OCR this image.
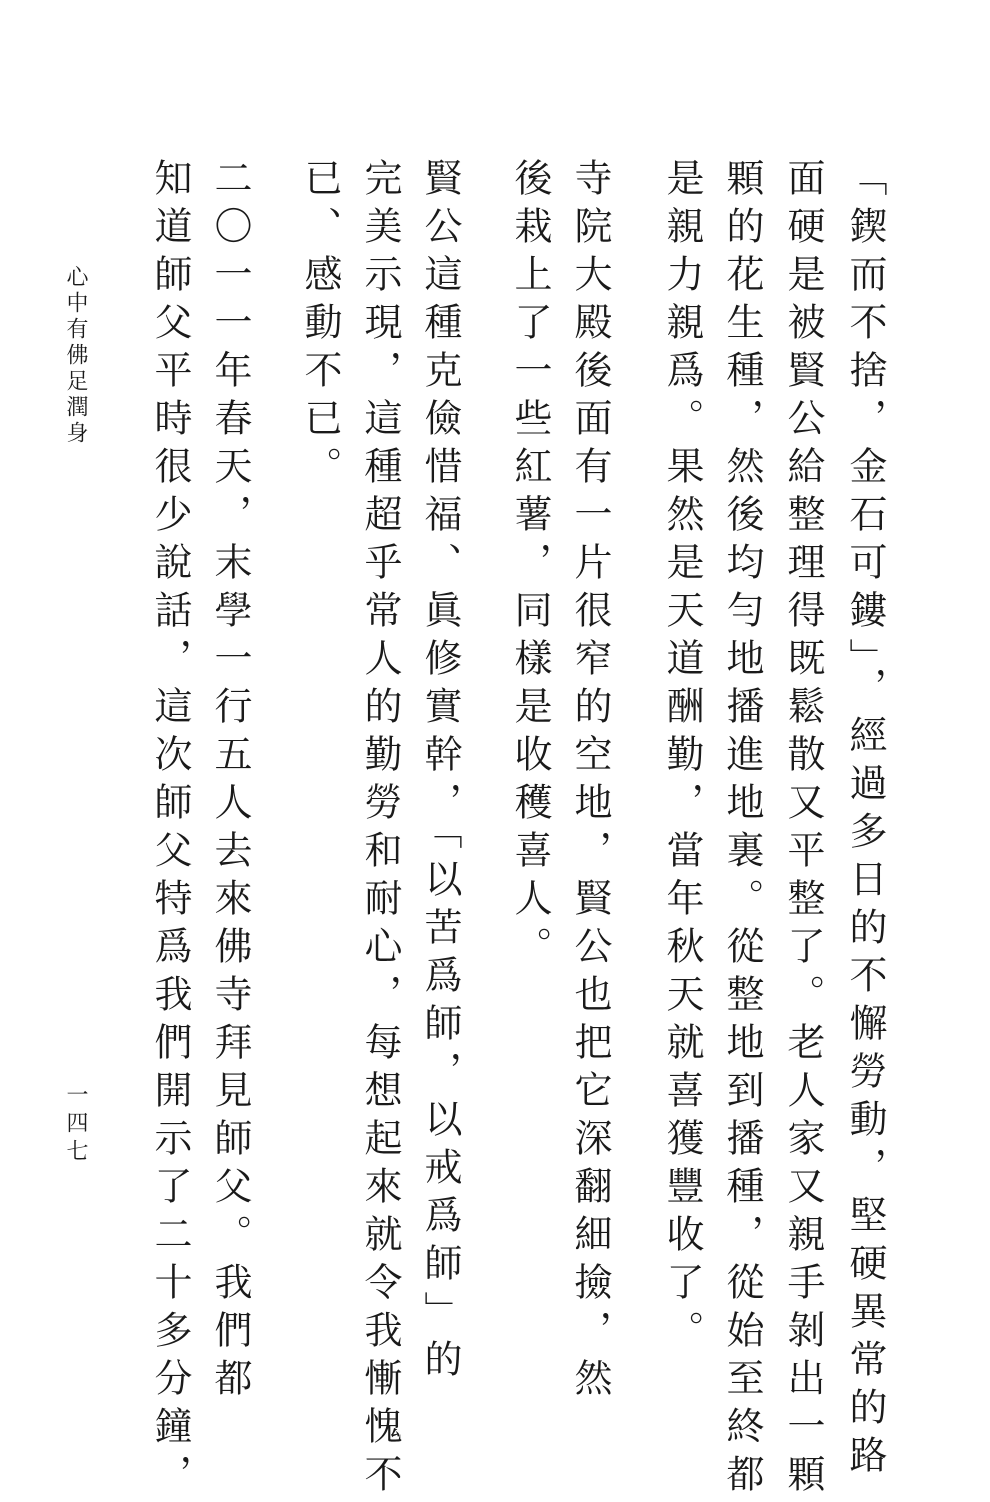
「鍥而不捨，金石可鏤」，經過多日的不懈勞動，堅硬異常的路
面硬是被賢公給整理得既鬆散又平整了。老人家又親手剝出一顆
顆的花生種，然後均勻地播進地裏。從整地到播種，從始至終都
是親力親爲。果然是天道酬勤，當年秋天就喜獲豐收了。
寺院大殿後面有一片很窄的空地，賢公也把它深翻細撿，然
後栽上了一些紅薯，同樣是收穫喜人。
賢公這種克儉惜福、眞修實幹，「以苦爲師，以戒爲師」的
完美示現，這種超乎常人的勤勞和耐心，每想起來就令我慚愧不
已、感動不已。
二〇一一年春天，末學一行五人去來佛寺拜見師父。我們都
知道師父平時很少說話，這次師父特爲我們開示了二十多分鐘，
心中有佛足潤身
一四七
